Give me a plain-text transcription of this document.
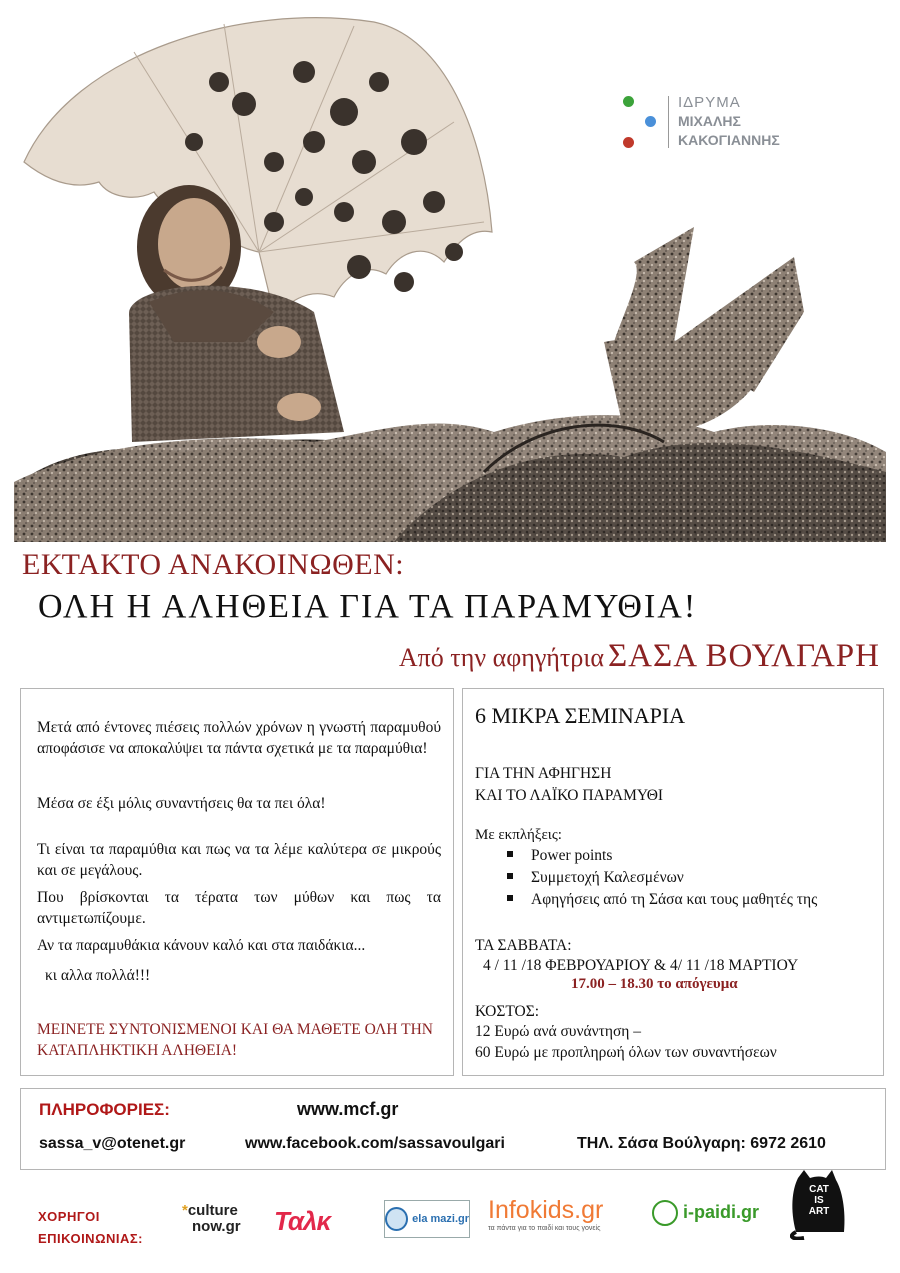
ΙΔΡΥΜΑ
ΜΙΧΑΛΗΣ
ΚΑΚΟΓΙΑΝΝΗΣ
ΕΚΤΑΚΤΟ ΑΝΑΚΟΙΝΩΘΕΝ:
ΟΛΗ Η ΑΛΗΘΕΙΑ ΓΙΑ ΤΑ ΠΑΡΑΜΥΘΙΑ!
Από την αφηγήτρια ΣΑΣΑ ΒΟΥΛΓΑΡΗ
Μετά από έντονες πιέσεις πολλών χρόνων η γνωστή παραμυθού αποφάσισε να αποκαλύψει τα πάντα σχετικά με τα παραμύθια!
Μέσα σε έξι μόλις συναντήσεις θα τα πει όλα!
Τι είναι τα παραμύθια και πως να τα λέμε καλύτερα σε μικρούς και σε μεγάλους.
Που βρίσκονται τα τέρατα των μύθων και πως τα αντιμετωπίζουμε.
Αν τα παραμυθάκια κάνουν καλό και στα παιδάκια...
κι αλλα πολλά!!!
ΜΕΙΝΕΤΕ ΣΥΝΤΟΝΙΣΜΕΝΟΙ ΚΑΙ ΘΑ ΜΑΘΕΤΕ ΟΛΗ ΤΗΝ ΚΑΤΑΠΛΗΚΤΙΚΗ ΑΛΗΘΕΙΑ!
6 ΜΙΚΡΑ ΣΕΜΙΝΑΡΙΑ
ΓΙΑ ΤΗΝ ΑΦΗΓΗΣΗ
ΚΑΙ ΤΟ ΛΑΪΚΟ ΠΑΡΑΜΥΘΙ
Με εκπλήξεις:
Power points
Συμμετοχή Καλεσμένων
Αφηγήσεις από τη Σάσα και τους μαθητές της
ΤΑ ΣΑΒΒΑΤΑ:
4 / 11 /18 ΦΕΒΡΟΥΑΡΙΟΥ & 4/ 11 /18 ΜΑΡΤΙΟΥ
17.00 – 18.30 το απόγευμα
ΚΟΣΤΟΣ:
12 Ευρώ ανά συνάντηση –
60 Ευρώ με προπληρωή όλων των συναντήσεων
ΠΛΗΡΟΦΟΡΙΕΣ:	www.mcf.gr
sassa_v@otenet.gr	www.facebook.com/sassavoulgari	ΤΗΛ. Σάσα Βούλγαρη: 6972 2610
ΧΟΡΗΓΟΙ
ΕΠΙΚΟΙΝΩΝΙΑΣ:
*culture
now.gr Ταλκ	ela mazi.gr Infokids.gr
τα πάντα για το παιδί και τους γονείς
i-paidi.gr
CAT
IS
ART
